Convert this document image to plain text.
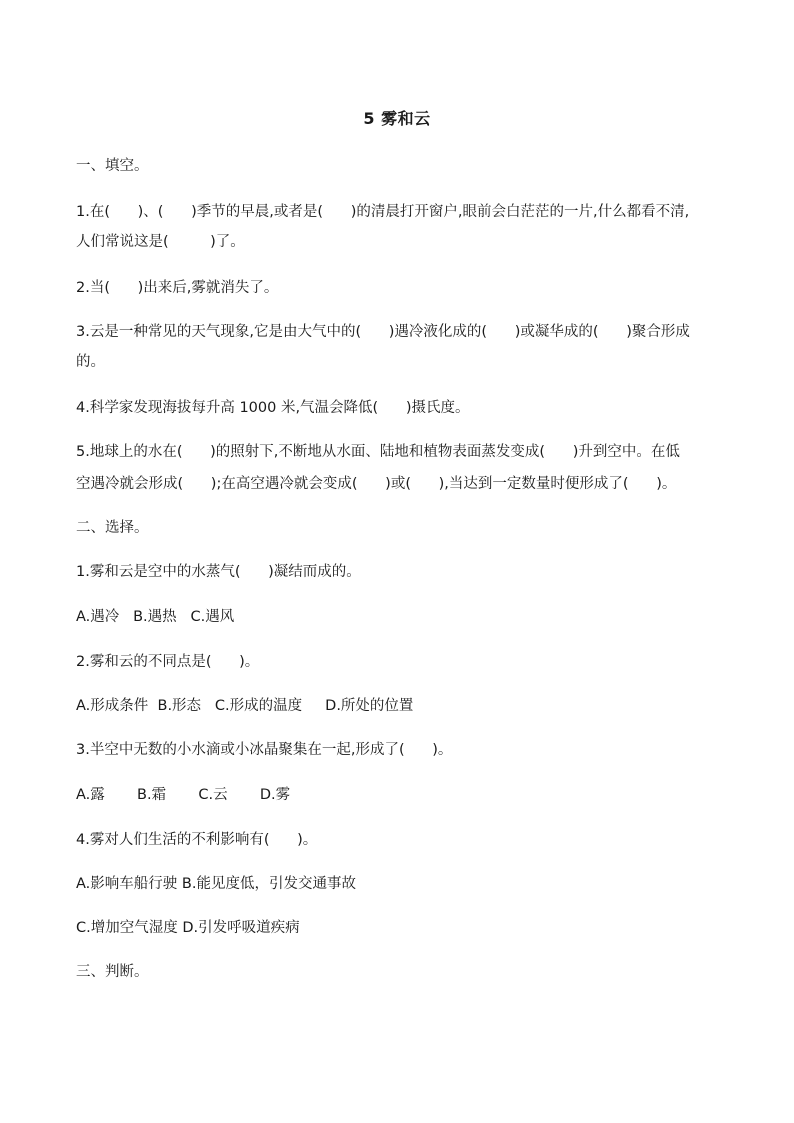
5 雾和云
一、填空。
1.在(      )、(      )季节的早晨,或者是(      )的清晨打开窗户,眼前会白茫茫的一片,什么都看不清,
人们常说这是(         )了。
2.当(      )出来后,雾就消失了。
3.云是一种常见的天气现象,它是由大气中的(      )遇冷液化成的(      )或凝华成的(      )聚合形成
的。
4.科学家发现海拔每升高 1000 米,气温会降低(      )摄氏度。
5.地球上的水在(      )的照射下,不断地从水面、陆地和植物表面蒸发变成(      )升到空中。在低
空遇冷就会形成(      );在高空遇冷就会变成(      )或(      ),当达到一定数量时便形成了(      )。
二、选择。
1.雾和云是空中的水蒸气(      )凝结而成的。
A.遇冷   B.遇热   C.遇风
2.雾和云的不同点是(      )。
A.形成条件  B.形态   C.形成的温度     D.所处的位置
3.半空中无数的小水滴或小冰晶聚集在一起,形成了(      )。
A.露       B.霜       C.云       D.雾
4.雾对人们生活的不利影响有(      )。
A.影响车船行驶 B.能见度低，引发交通事故
C.增加空气湿度 D.引发呼吸道疾病
三、判断。
